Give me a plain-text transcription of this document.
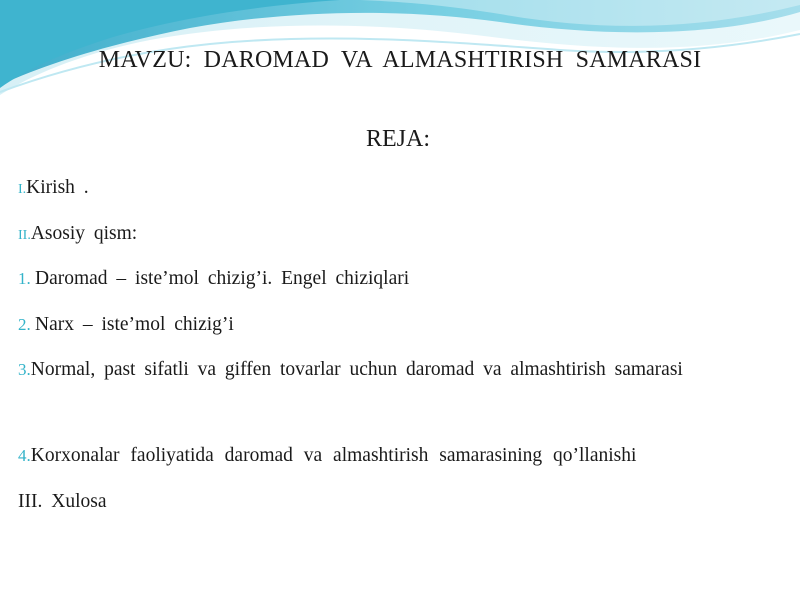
MAVZU: DAROMAD VA ALMASHTIRISH SAMARASI
REJA:
I.Kirish .
II.Asosiy qism:
1. Daromad – iste’mol chizig’i. Engel chiziqlari
2. Narx – iste’mol chizig’i
3.Normal, past sifatli va giffen tovarlar uchun daromad va almashtirish samarasi
4.Korxonalar faoliyatida daromad va almashtirish samarasining qo’llanishi
III. Xulosa
